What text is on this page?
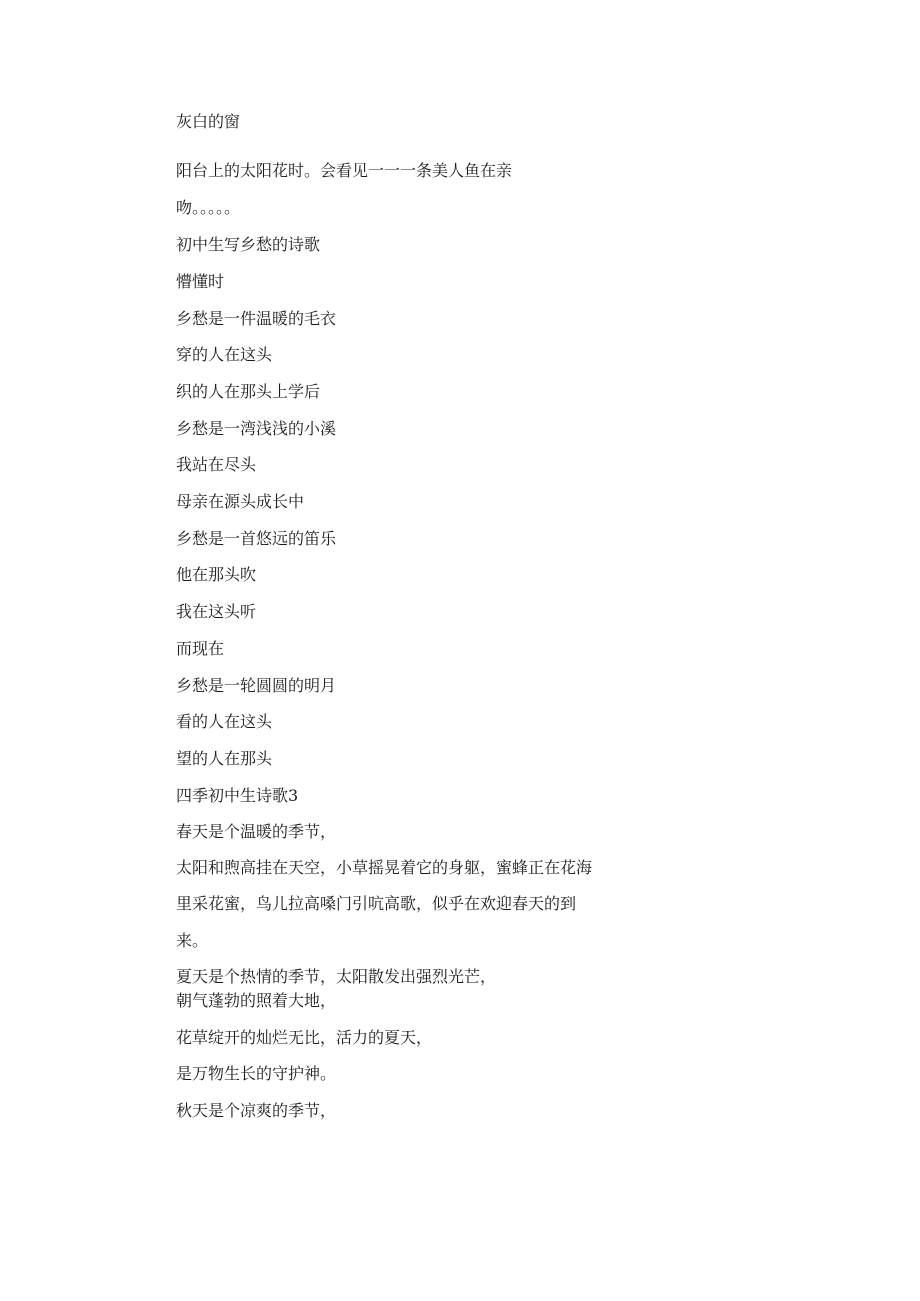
灰白的窗

阳台上的太阳花时。会看见一一一条美人鱼在亲

吻。。。。。

初中生写乡愁的诗歌

懵懂时

乡愁是一件温暖的毛衣

穿的人在这头

织的人在那头上学后

乡愁是一湾浅浅的小溪

我站在尽头

母亲在源头成长中

乡愁是一首悠远的笛乐

他在那头吹

我在这头听

而现在

乡愁是一轮圆圆的明月

看的人在这头

望的人在那头

四季初中生诗歌3

春天是个温暖的季节，

太阳和煦高挂在天空，小草摇晃着它的身躯，蜜蜂正在花海

里采花蜜，鸟儿拉高嗓门引吭高歌，似乎在欢迎春天的到

来。

夏天是个热情的季节，太阳散发出强烈光芒，

朝气蓬勃的照着大地，

花草绽开的灿烂无比，活力的夏天，

是万物生长的守护神。

秋天是个凉爽的季节，
